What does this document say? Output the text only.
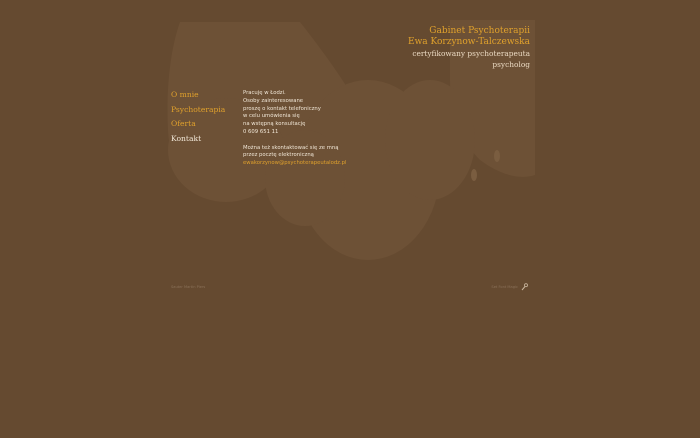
Gabinet Psychoterapii
Ewa Korzynow-Talczewska
certyfikowany psychoterapeuta
psycholog
O mnie
Psychoterapia
Oferta
Kontakt

Pracuję w Łodzi.

Osoby zainteresowane

proszę o kontakt telefoniczny

w celu umówienia się

na wstępną konsultację

0 609 651 11

Można też skontaktować się ze mną

przez pocztę elektroniczną

ewakorzynow@psychoterapeutalodz.pl

Sauter Martin Piers	Set Font Magic
